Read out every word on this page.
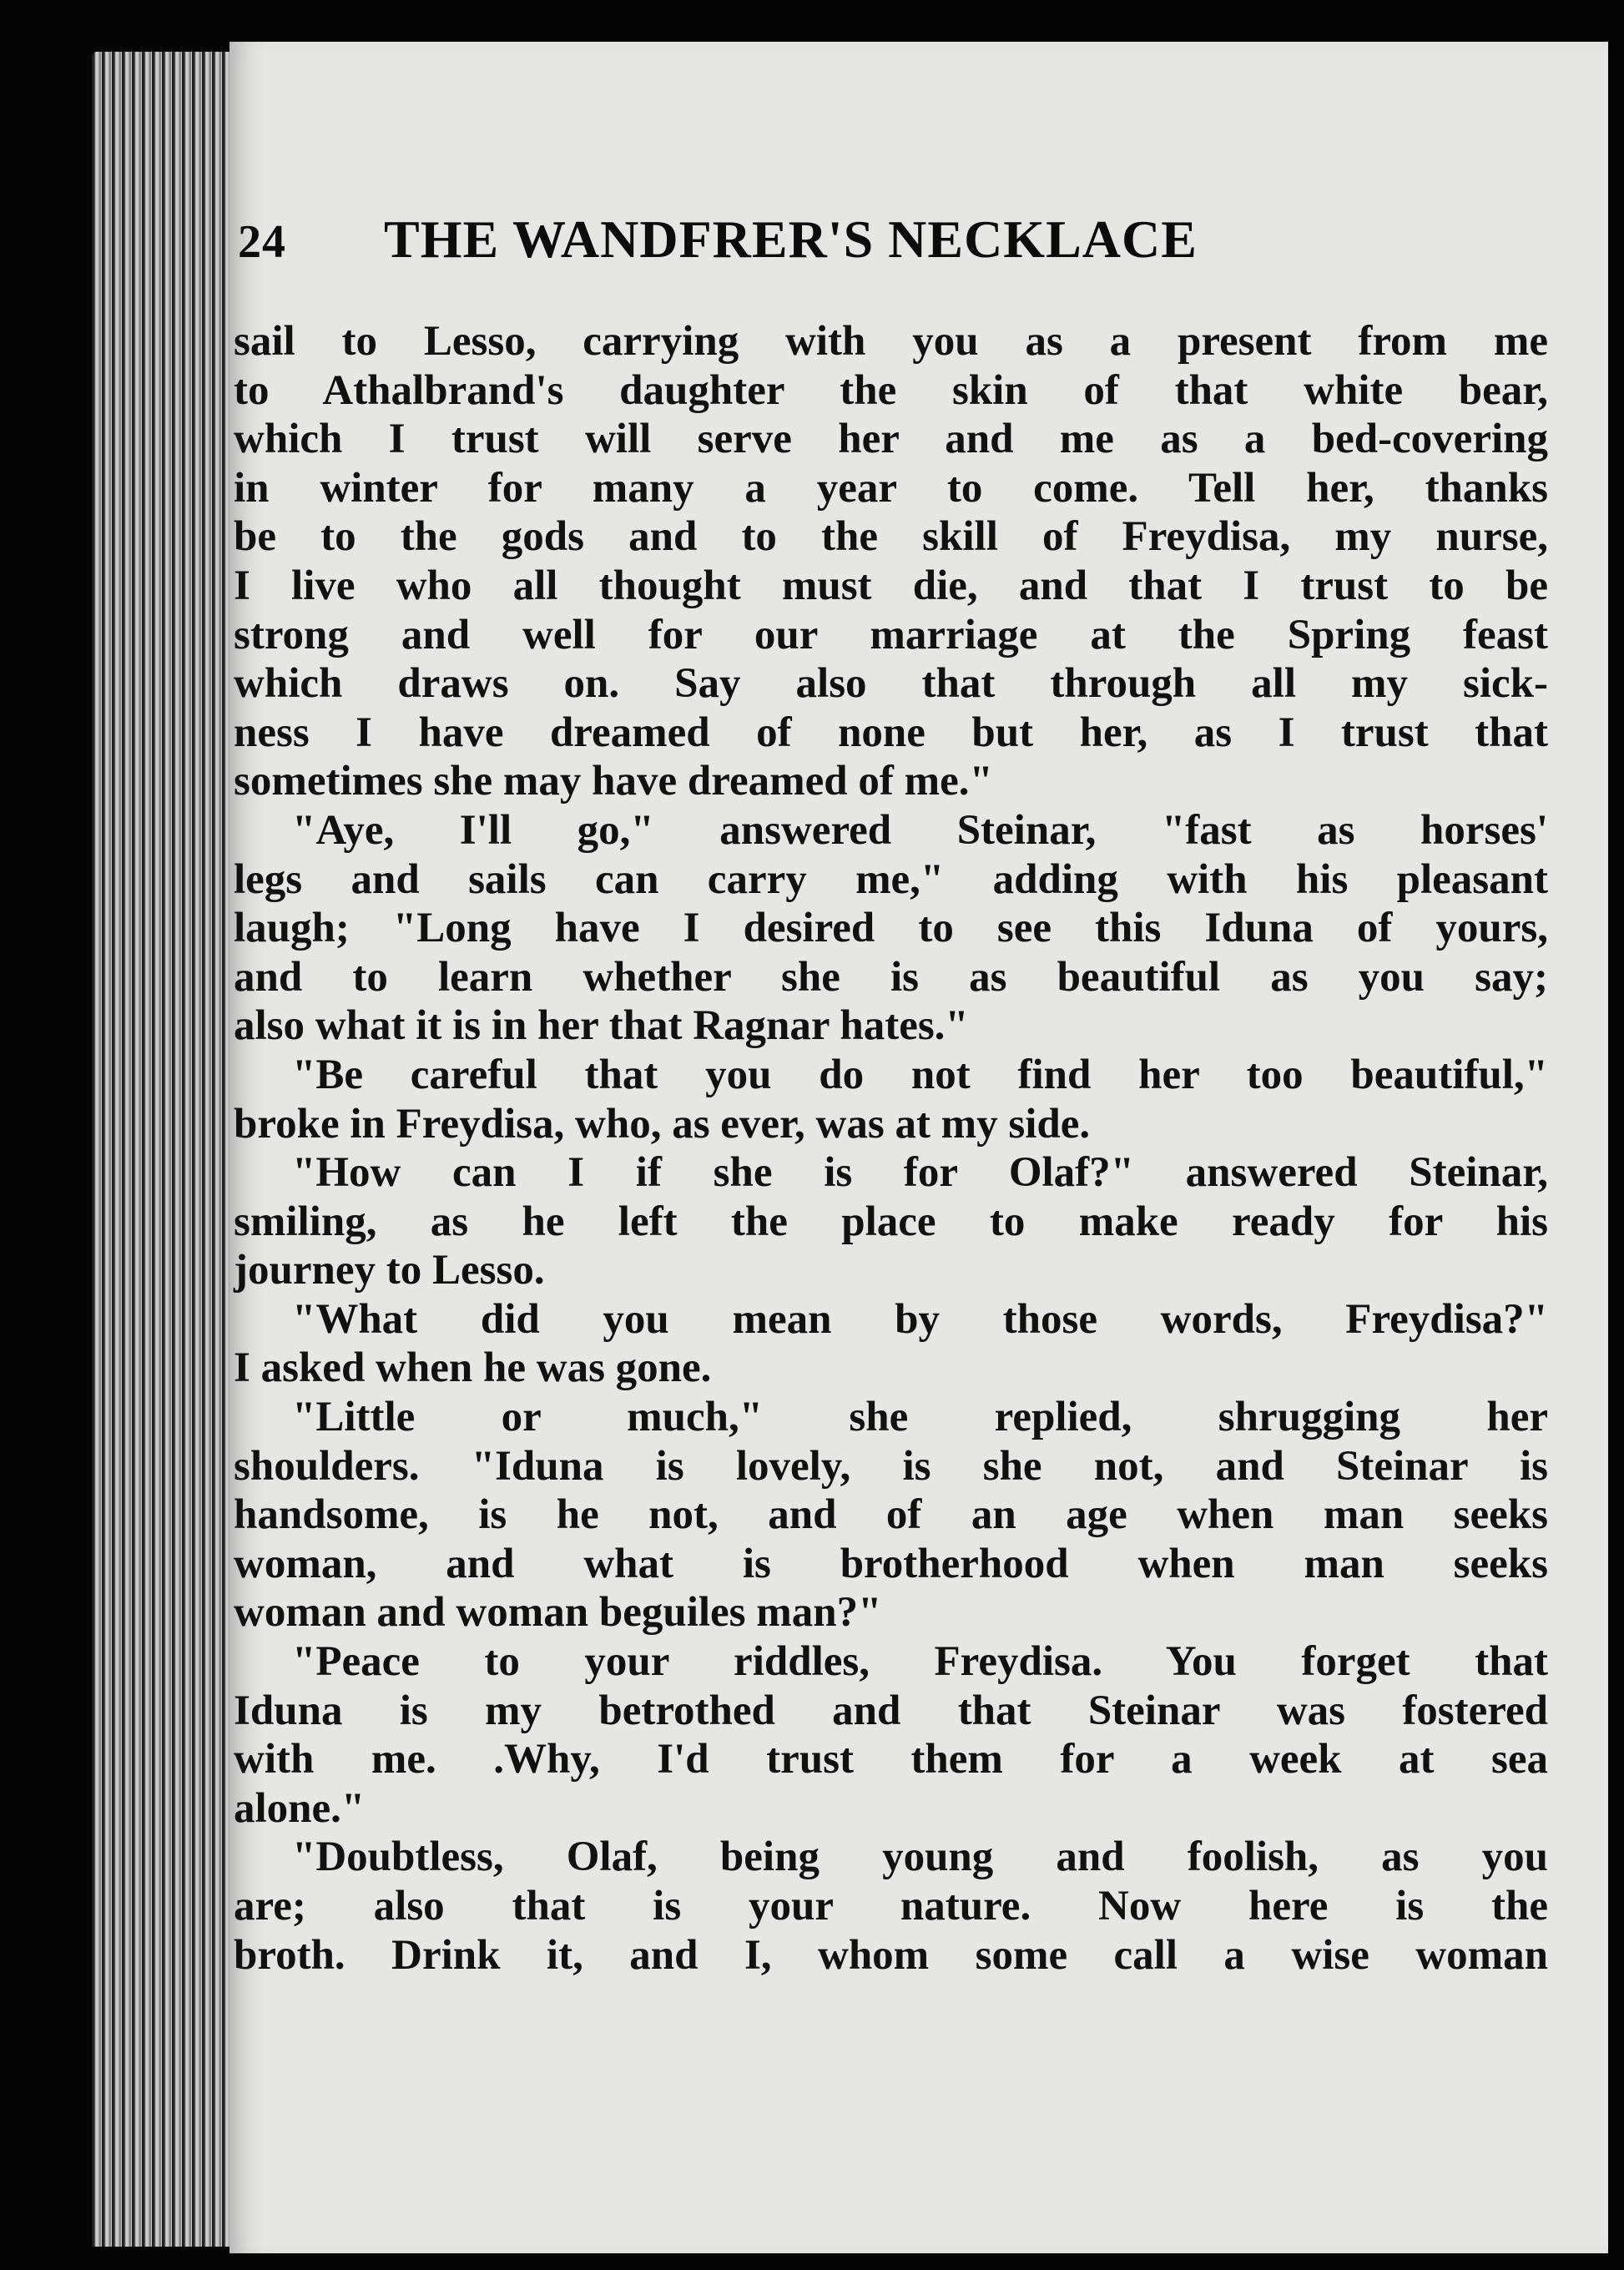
24 THE WANDFRER'S NECKLACE
sail to Lesso, carrying with you as a present from me
to Athalbrand's daughter the skin of that white bear,
which I trust will serve her and me as a bed-covering
in winter for many a year to come. Tell her, thanks
be to the gods and to the skill of Freydisa, my nurse,
I live who all thought must die, and that I trust to be
strong and well for our marriage at the Spring feast
which draws on. Say also that through all my sick-
ness I have dreamed of none but her, as I trust that
sometimes she may have dreamed of me."
"Aye, I'll go," answered Steinar, "fast as horses'
legs and sails can carry me," adding with his pleasant
laugh; "Long have I desired to see this Iduna of yours,
and to learn whether she is as beautiful as you say;
also what it is in her that Ragnar hates."
"Be careful that you do not find her too beautiful,"
broke in Freydisa, who, as ever, was at my side.
"How can I if she is for Olaf?" answered Steinar,
smiling, as he left the place to make ready for his
journey to Lesso.
"What did you mean by those words, Freydisa?"
I asked when he was gone.
"Little or much," she replied, shrugging her
shoulders. "Iduna is lovely, is she not, and Steinar is
handsome, is he not, and of an age when man seeks
woman, and what is brotherhood when man seeks
woman and woman beguiles man?"
"Peace to your riddles, Freydisa. You forget that
Iduna is my betrothed and that Steinar was fostered
with me. .Why, I'd trust them for a week at sea
alone."
"Doubtless, Olaf, being young and foolish, as you
are; also that is your nature. Now here is the
broth. Drink it, and I, whom some call a wise woman
